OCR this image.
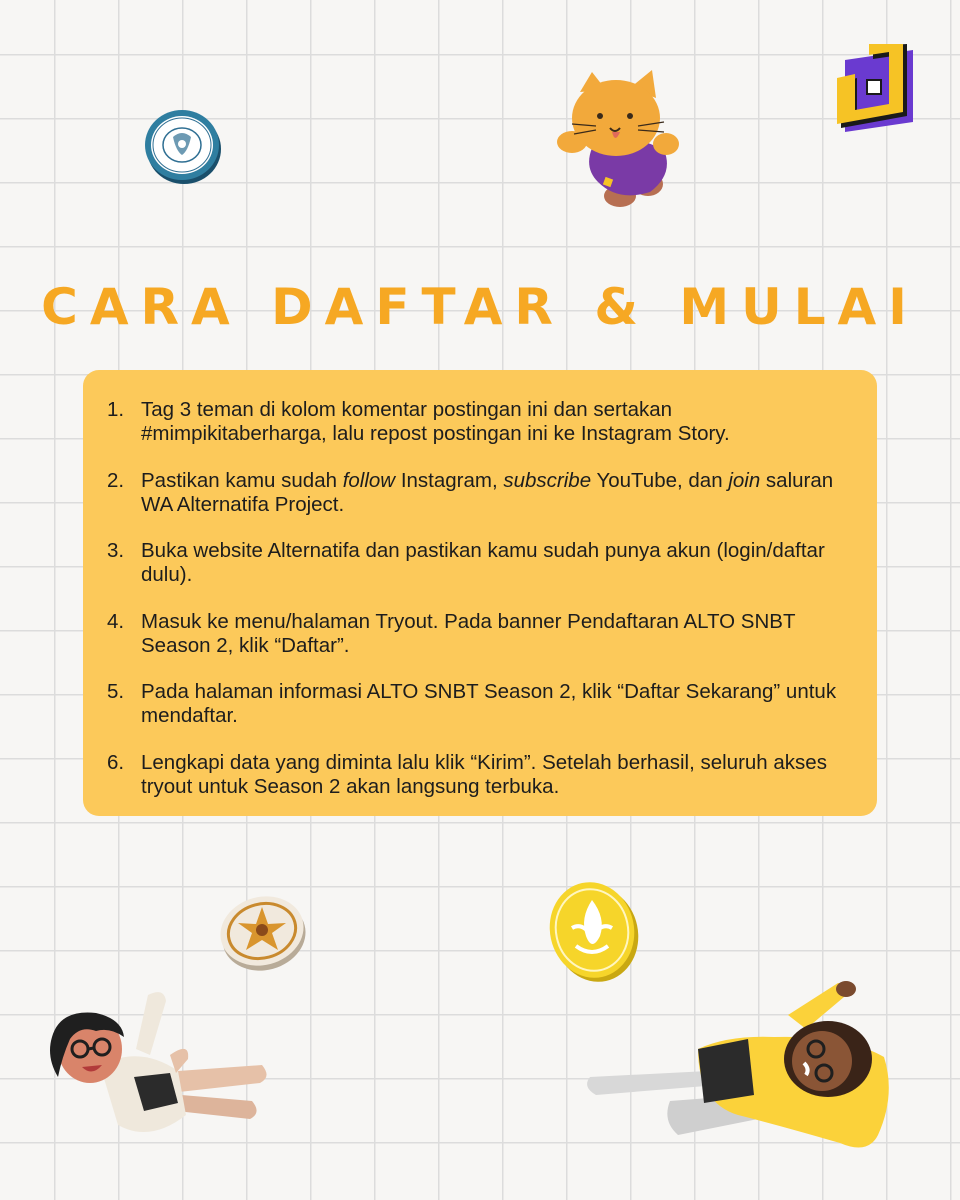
CARA DAFTAR & MULAI
1. Tag 3 teman di kolom komentar postingan ini dan sertakan #mimpikitaberharga, lalu repost postingan ini ke Instagram Story.
2. Pastikan kamu sudah follow Instagram, subscribe YouTube, dan join saluran WA Alternatifa Project.
3. Buka website Alternatifa dan pastikan kamu sudah punya akun (login/daftar dulu).
4. Masuk ke menu/halaman Tryout. Pada banner Pendaftaran ALTO SNBT Season 2, klik “Daftar”.
5. Pada halaman informasi ALTO SNBT Season 2, klik “Daftar Sekarang” untuk mendaftar.
6. Lengkapi data yang diminta lalu klik “Kirim”. Setelah berhasil, seluruh akses tryout untuk Season 2 akan langsung terbuka.
